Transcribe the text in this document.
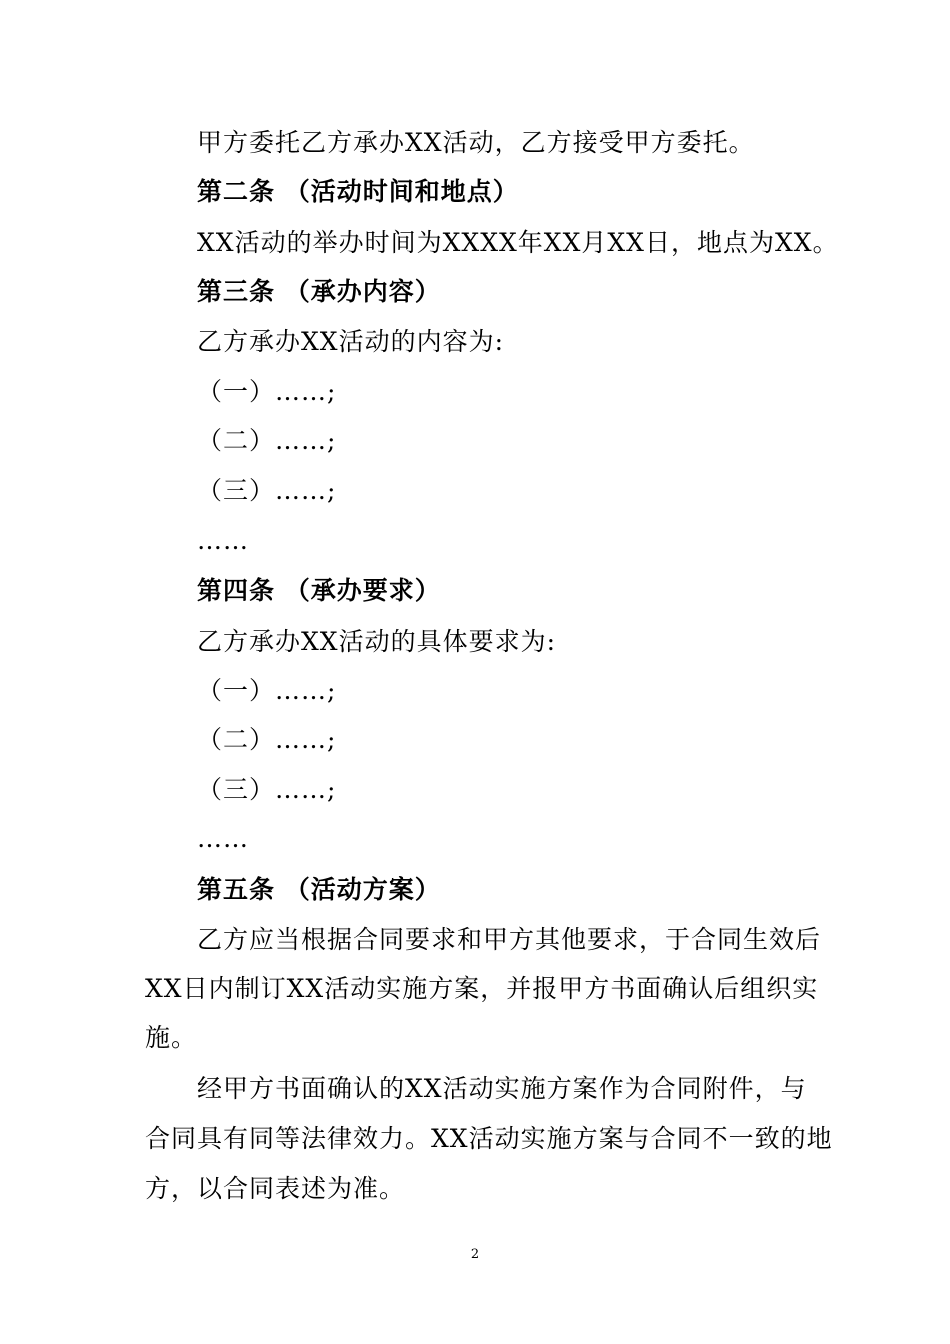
甲方委托乙方承办XX活动，乙方接受甲方委托。
第二条 （活动时间和地点）
XX活动的举办时间为XXXX年XX月XX日，地点为XX。
第三条 （承办内容）
乙方承办XX活动的内容为:
（一）……;
（二）……;
（三）……;
……
第四条 （承办要求）
乙方承办XX活动的具体要求为:
（一）……;
（二）……;
（三）……;
……
第五条 （活动方案）
乙方应当根据合同要求和甲方其他要求，于合同生效后
XX日内制订XX活动实施方案，并报甲方书面确认后组织实
施。
经甲方书面确认的XX活动实施方案作为合同附件，与
合同具有同等法律效力。XX活动实施方案与合同不一致的地
方，以合同表述为准。
2
